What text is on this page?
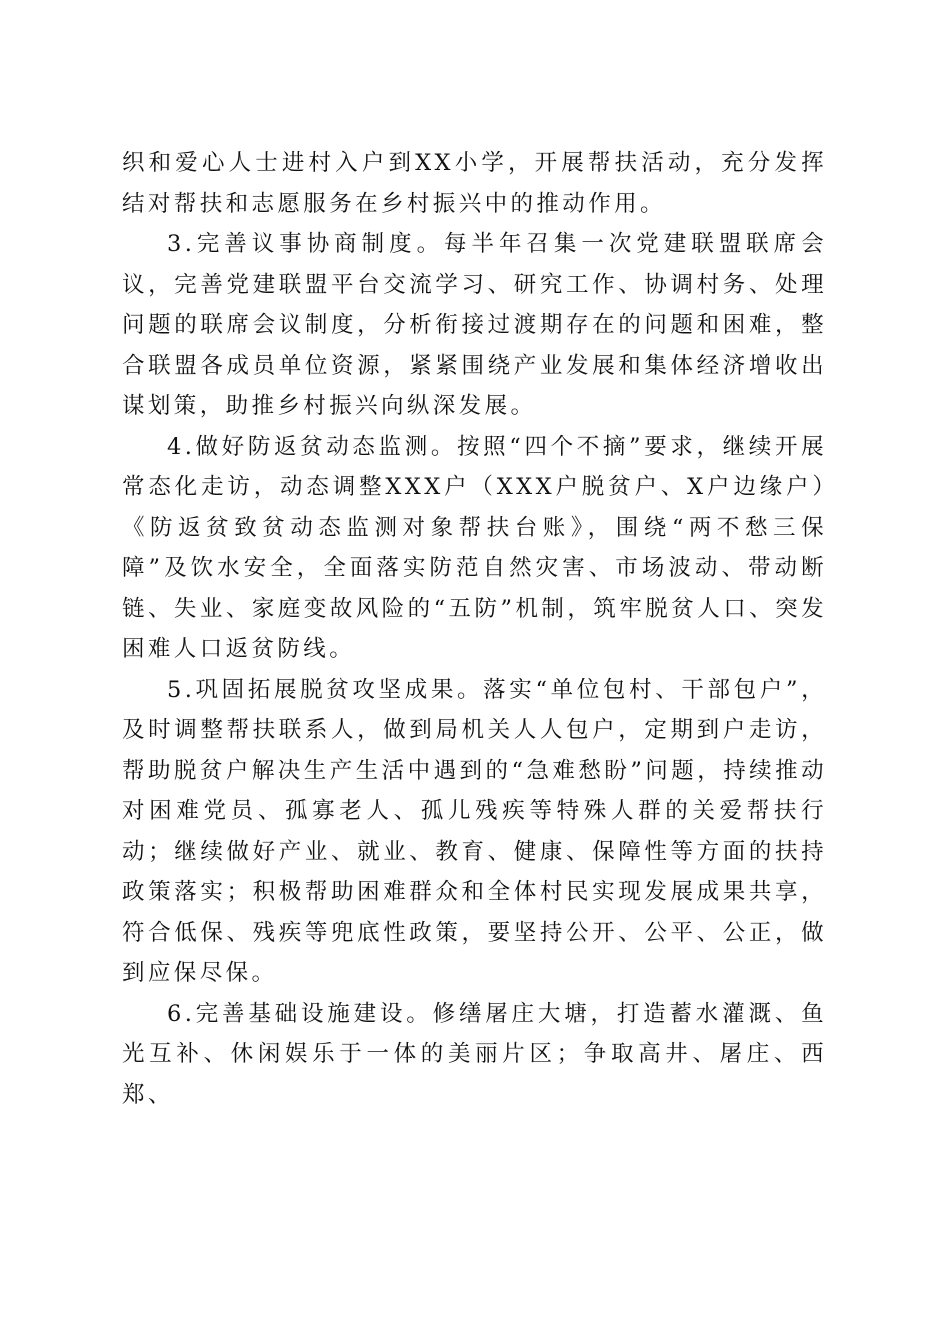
织和爱心人士进村入户到XX小学，开展帮扶活动，充分发挥结对帮扶和志愿服务在乡村振兴中的推动作用。

3.完善议事协商制度。每半年召集一次党建联盟联席会议，完善党建联盟平台交流学习、研究工作、协调村务、处理问题的联席会议制度，分析衔接过渡期存在的问题和困难，整合联盟各成员单位资源，紧紧围绕产业发展和集体经济增收出谋划策，助推乡村振兴向纵深发展。

4.做好防返贫动态监测。按照“四个不摘”要求，继续开展常态化走访，动态调整XXX户（XXX户脱贫户、X户边缘户）《防返贫致贫动态监测对象帮扶台账》，围绕“两不愁三保障”及饮水安全，全面落实防范自然灾害、市场波动、带动断链、失业、家庭变故风险的“五防”机制，筑牢脱贫人口、突发困难人口返贫防线。

5.巩固拓展脱贫攻坚成果。落实“单位包村、干部包户”，及时调整帮扶联系人，做到局机关人人包户，定期到户走访，帮助脱贫户解决生产生活中遇到的“急难愁盼”问题，持续推动对困难党员、孤寡老人、孤儿残疾等特殊人群的关爱帮扶行动；继续做好产业、就业、教育、健康、保障性等方面的扶持政策落实；积极帮助困难群众和全体村民实现发展成果共享，符合低保、残疾等兜底性政策，要坚持公开、公平、公正，做到应保尽保。

6.完善基础设施建设。修缮屠庄大塘，打造蓄水灌溉、鱼光互补、休闲娱乐于一体的美丽片区；争取高井、屠庄、西郑、
